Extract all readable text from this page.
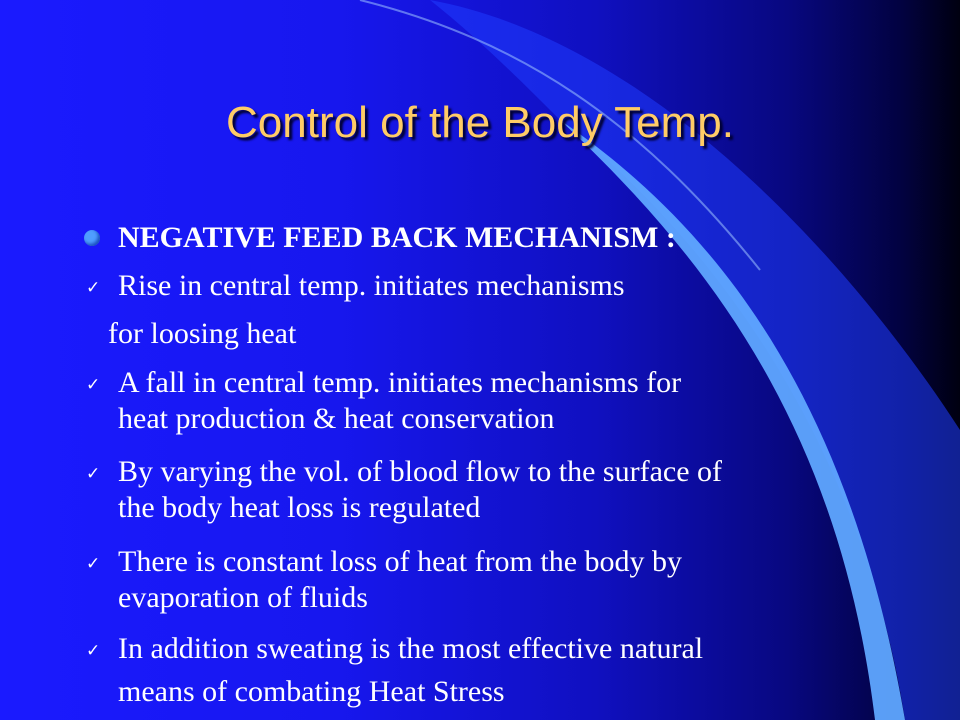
Control of the Body Temp.
NEGATIVE FEED BACK MECHANISM :
✓ Rise in central temp. initiates mechanisms
for loosing heat
✓ A fall in central temp. initiates mechanisms for
heat production & heat conservation
✓ By varying the vol. of blood flow to the surface of
the body heat loss is regulated
✓ There is constant loss of heat from the body by
evaporation of fluids
✓ In addition sweating is the most effective natural
means of combating Heat Stress
